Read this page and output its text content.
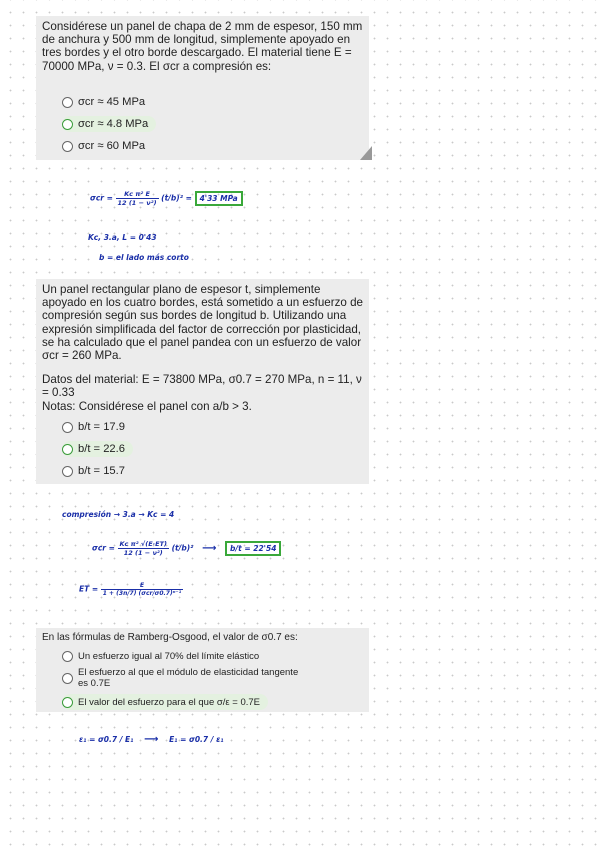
Considérese un panel de chapa de 2 mm de espesor, 150 mm de anchura y 500 mm de longitud, simplemente apoyado en tres bordes y el otro borde descargado. El material tiene E = 70000 MPa, ν = 0.3. El σcr a compresión es:

σcr ≈ 45 MPa
σcr ≈ 4.8 MPa
σcr ≈ 60 MPa
$\sigma cr = \frac{\text{Kc π² E}}{\text{12 (1 − ν²)}} (t/b)^2 = 4'33$ MPa
Kc, 3.a, L = 0'43
b = el lado más corto

Un panel rectangular plano de espesor t, simplemente apoyado en los cuatro bordes, está sometido a un esfuerzo de compresión según sus bordes de longitud b. Utilizando una expresión simplificada del factor de corrección por plasticidad, se ha calculado que el panel pandea con un esfuerzo de valor σcr = 260 MPa.

Datos del material: E = 73800 MPa, σ0.7 = 270 MPa, n = 11, ν = 0.33

Notas: Considérese el panel con a/b > 3.

b/t = 17.9
b/t = 22.6
b/t = 15.7
compresión → 3.a → Kc = 4
$\sigma cr = \frac{\text{Kc π² √(E·ET)}}{\text{12 (1 − ν²)}} (t/b)^2$ ⟶ b/t = 22'54
ET = $\frac{E}{\text{1 + (3n/7) (σcr/σ0.7)ⁿ⁻¹}}$

En las fórmulas de Ramberg-Osgood, el valor de σ0.7 es:

Un esfuerzo igual al 70% del límite elástico
El esfuerzo al que el módulo de elasticidad tangente es 0.7E
El valor del esfuerzo para el que σ/ε = 0.7E
ε₁ = σ0.7 / E₁ ⟶ E₁ = σ0.7 / ε₁
